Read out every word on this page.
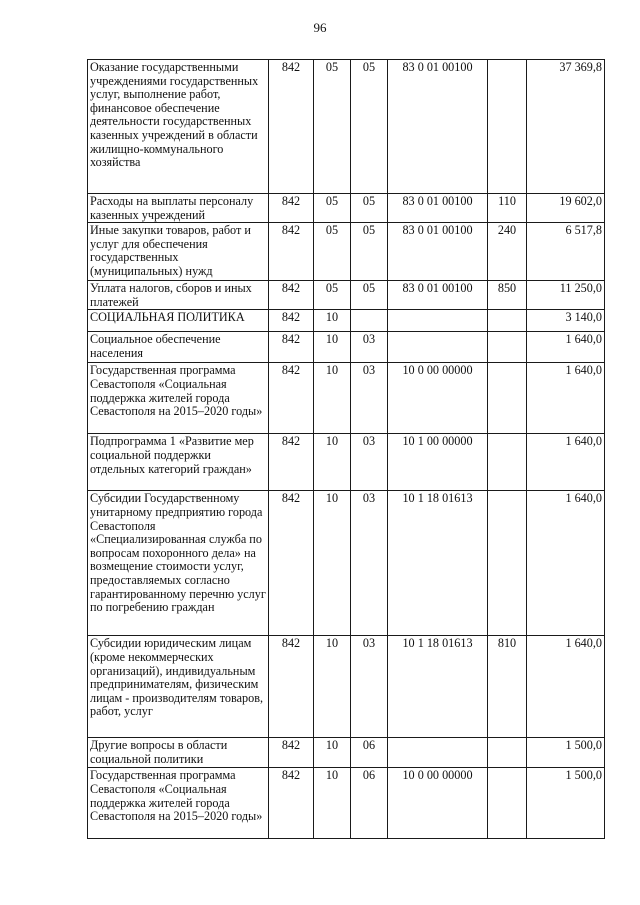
96
Оказание государственными учреждениями государственных услуг, выполнение работ, финансовое обеспечение деятельности государственных казенных учреждений в области жилищно-коммунального хозяйства	842	05	05	83 0 01 00100		37 369,8
Расходы на выплаты персоналу казенных учреждений	842	05	05	83 0 01 00100	110	19 602,0
Иные закупки товаров, работ и услуг для обеспечения государственных (муниципальных) нужд	842	05	05	83 0 01 00100	240	6 517,8
Уплата налогов, сборов и иных платежей	842	05	05	83 0 01 00100	850	11 250,0
СОЦИАЛЬНАЯ ПОЛИТИКА	842	10				3 140,0
Социальное обеспечение населения	842	10	03			1 640,0
Государственная программа Севастополя «Социальная поддержка жителей города Севастополя на 2015–2020 годы»	842	10	03	10 0 00 00000		1 640,0
Подпрограмма 1 «Развитие мер социальной поддержки отдельных категорий граждан»	842	10	03	10 1 00 00000		1 640,0
Субсидии Государственному унитарному предприятию города Севастополя «Специализированная служба по вопросам похоронного дела» на возмещение стоимости услуг, предоставляемых согласно гарантированному перечню услуг по погребению граждан	842	10	03	10 1 18 01613		1 640,0
Субсидии юридическим лицам (кроме некоммерческих организаций), индивидуальным предпринимателям, физическим лицам - производителям товаров, работ, услуг	842	10	03	10 1 18 01613	810	1 640,0
Другие вопросы в области социальной политики	842	10	06			1 500,0
Государственная программа Севастополя «Социальная поддержка жителей города Севастополя на 2015–2020 годы»	842	10	06	10 0 00 00000		1 500,0
